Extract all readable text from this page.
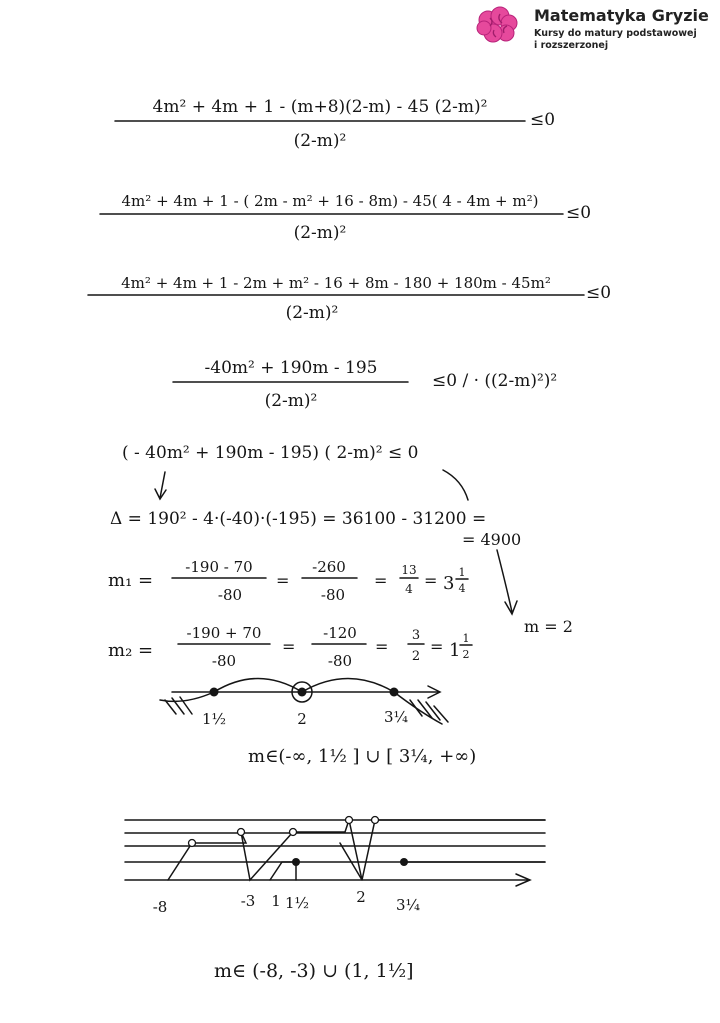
Matematyka Gryzie
Kursy do matury podstawowej
i rozszerzonej
4m² + 4m + 1 - (m+8)(2-m) - 45 (2-m)²
(2-m)²
≤0
4m² + 4m + 1 - ( 2m - m² + 16 - 8m) - 45( 4 - 4m + m²)
(2-m)²
≤0
4m² + 4m + 1 - 2m + m² - 16 + 8m - 180 + 180m - 45m²
(2-m)²
≤0
-40m² + 190m - 195
(2-m)²
≤0 / · ((2-m)²)²
( - 40m² + 190m - 195) ( 2-m)² ≤ 0
Δ = 190² - 4·(-40)·(-195) = 36100 - 31200 =
= 4900
m = 2
m₁ =
-190 - 70
-80
=
-260
-80
=
13
4 = 3
1
4
m₂ =
-190 + 70
-80
=
-120
-80
=
3
2
= 1
1
2
1½	2	3¼
m∈(-∞, 1½ ] ∪ [ 3¼, +∞)
-8	-3 1 1½	2 3¼
m∈ (-8, -3) ∪ (1, 1½]
